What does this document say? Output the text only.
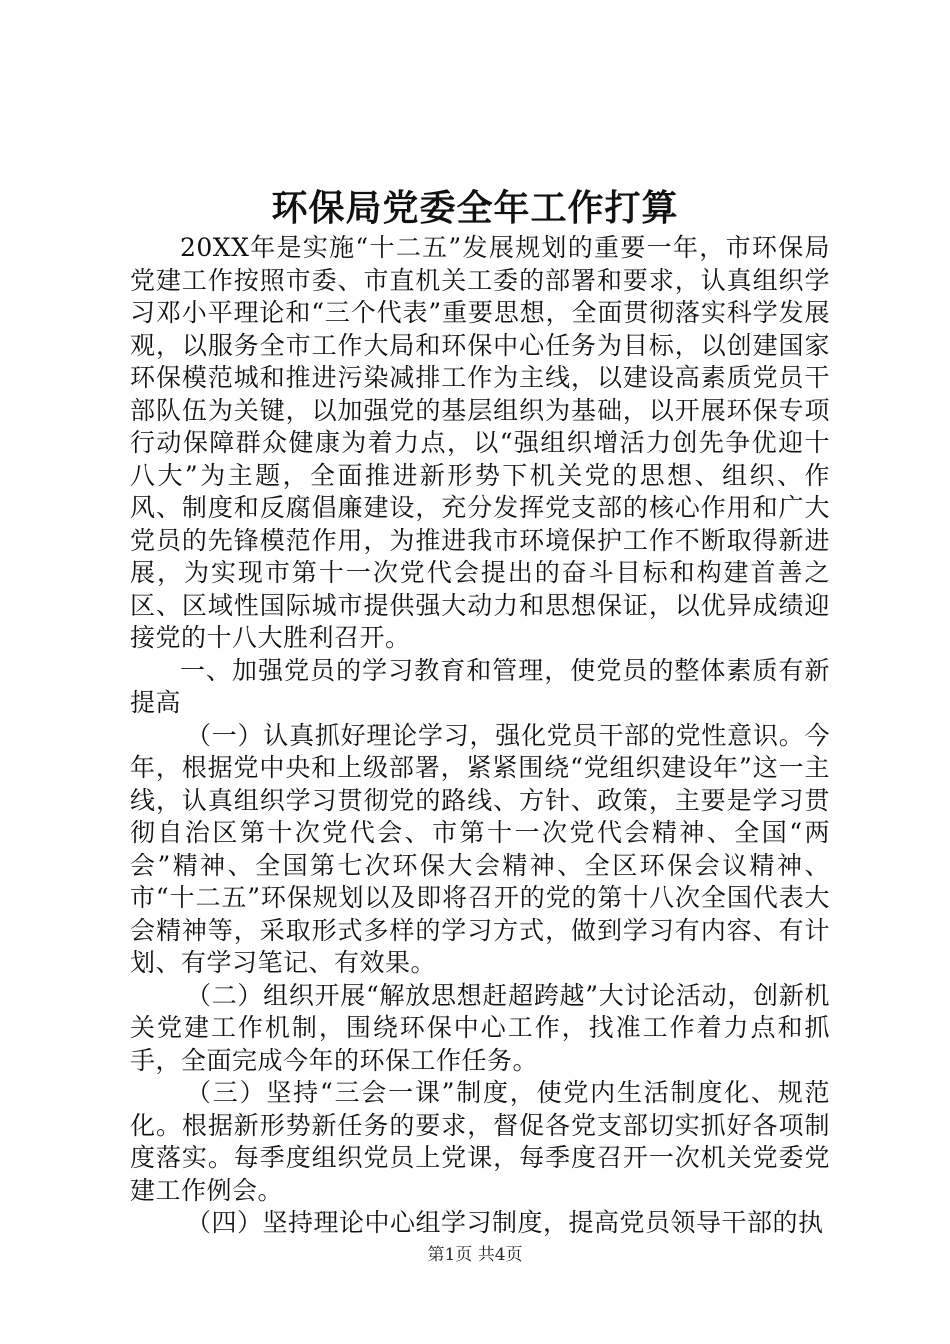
环保局党委全年工作打算

20XX年是实施“十二五”发展规划的重要一年，市环保局党建工作按照市委、市直机关工委的部署和要求，认真组织学习邓小平理论和“三个代表”重要思想，全面贯彻落实科学发展观，以服务全市工作大局和环保中心任务为目标，以创建国家环保模范城和推进污染减排工作为主线，以建设高素质党员干部队伍为关键，以加强党的基层组织为基础，以开展环保专项行动保障群众健康为着力点，以“强组织增活力创先争优迎十八大”为主题，全面推进新形势下机关党的思想、组织、作风、制度和反腐倡廉建设，充分发挥党支部的核心作用和广大党员的先锋模范作用，为推进我市环境保护工作不断取得新进展，为实现市第十一次党代会提出的奋斗目标和构建首善之区、区域性国际城市提供强大动力和思想保证，以优异成绩迎接党的十八大胜利召开。

一、加强党员的学习教育和管理，使党员的整体素质有新提高

（一）认真抓好理论学习，强化党员干部的党性意识。今年，根据党中央和上级部署，紧紧围绕“党组织建设年”这一主线，认真组织学习贯彻党的路线、方针、政策，主要是学习贯彻自治区第十次党代会、市第十一次党代会精神、全国“两会”精神、全国第七次环保大会精神、全区环保会议精神、市“十二五”环保规划以及即将召开的党的第十八次全国代表大会精神等，采取形式多样的学习方式，做到学习有内容、有计划、有学习笔记、有效果。

（二）组织开展“解放思想赶超跨越”大讨论活动，创新机关党建工作机制，围绕环保中心工作，找准工作着力点和抓手，全面完成今年的环保工作任务。

（三）坚持“三会一课”制度，使党内生活制度化、规范化。根据新形势新任务的要求，督促各党支部切实抓好各项制度落实。每季度组织党员上党课，每季度召开一次机关党委党建工作例会。

（四）坚持理论中心组学习制度，提高党员领导干部的执

第1页 共4页
